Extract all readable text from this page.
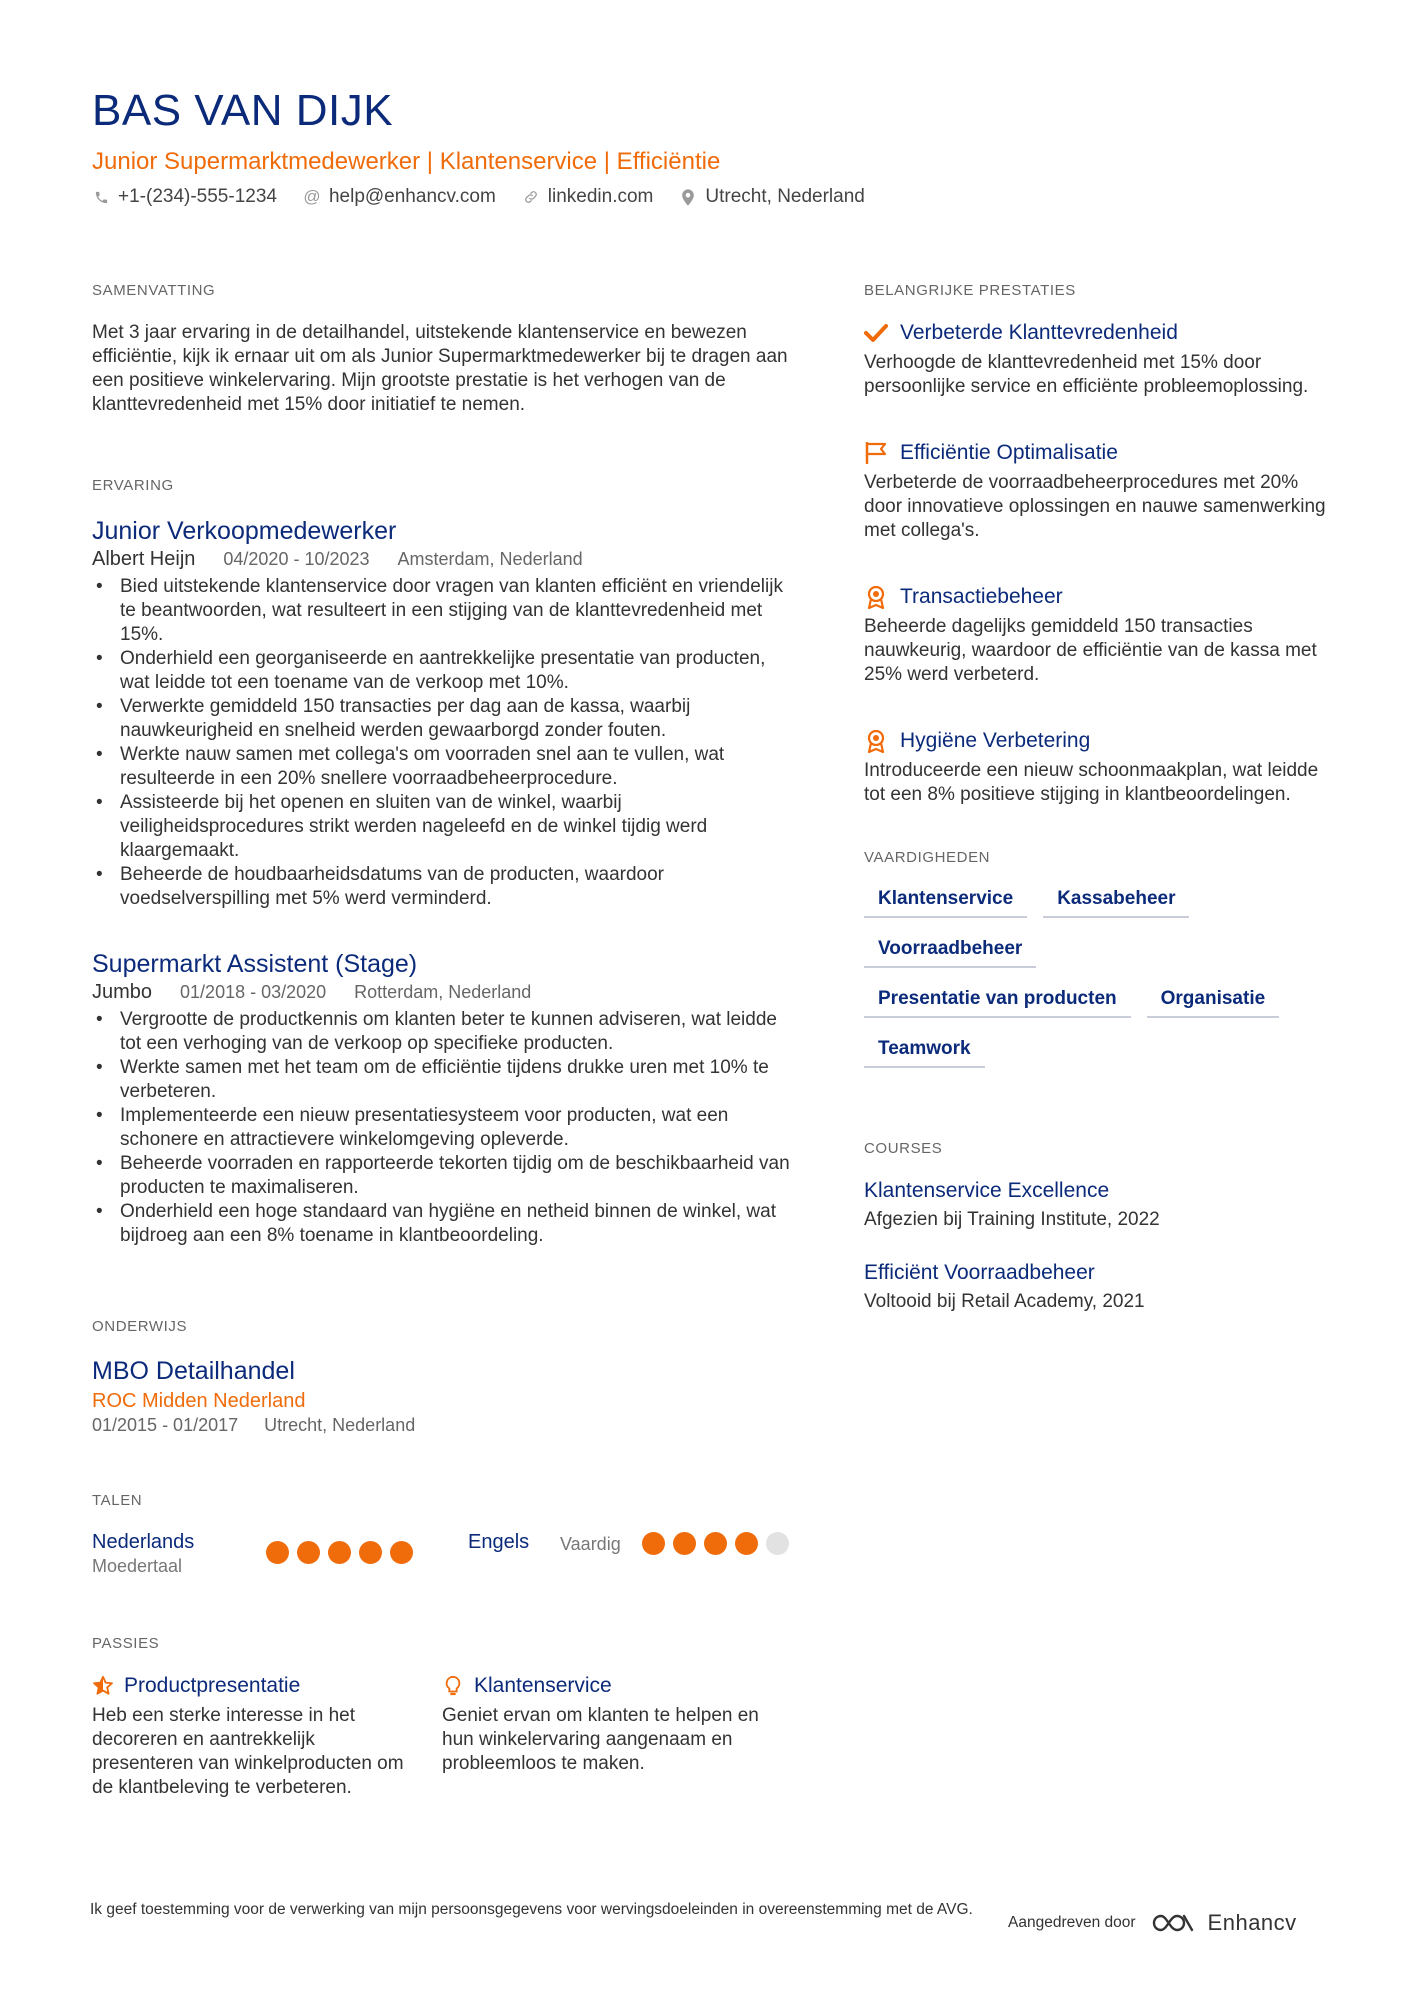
BAS VAN DIJK
Junior Supermarktmedewerker | Klantenservice | Efficiëntie
+1-(234)-555-1234 @ help@enhancv.com	linkedin.com	Utrecht, Nederland
SAMENVATTING

Met 3 jaar ervaring in de detailhandel, uitstekende klantenservice en bewezen efficiëntie, kijk ik ernaar uit om als Junior Supermarktmedewerker bij te dragen aan een positieve winkelervaring. Mijn grootste prestatie is het verhogen van de klanttevredenheid met 15% door initiatief te nemen.

ERVARING
Junior Verkoopmedewerker
Albert Heijn 04/2020 - 10/2023 Amsterdam, Nederland
• Bied uitstekende klantenservice door vragen van klanten efficiënt en vriendelijk te beantwoorden, wat resulteert in een stijging van de klanttevredenheid met 15%.
• Onderhield een georganiseerde en aantrekkelijke presentatie van producten, wat leidde tot een toename van de verkoop met 10%.
• Verwerkte gemiddeld 150 transacties per dag aan de kassa, waarbij nauwkeurigheid en snelheid werden gewaarborgd zonder fouten.
• Werkte nauw samen met collega's om voorraden snel aan te vullen, wat resulteerde in een 20% snellere voorraadbeheerprocedure.
• Assisteerde bij het openen en sluiten van de winkel, waarbij veiligheidsprocedures strikt werden nageleefd en de winkel tijdig werd klaargemaakt.
• Beheerde de houdbaarheidsdatums van de producten, waardoor voedselverspilling met 5% werd verminderd.
Supermarkt Assistent (Stage)
Jumbo 01/2018 - 03/2020 Rotterdam, Nederland
• Vergrootte de productkennis om klanten beter te kunnen adviseren, wat leidde tot een verhoging van de verkoop op specifieke producten.
• Werkte samen met het team om de efficiëntie tijdens drukke uren met 10% te verbeteren.
• Implementeerde een nieuw presentatiesysteem voor producten, wat een schonere en attractievere winkelomgeving opleverde.
• Beheerde voorraden en rapporteerde tekorten tijdig om de beschikbaarheid van producten te maximaliseren.
• Onderhield een hoge standaard van hygiëne en netheid binnen de winkel, wat bijdroeg aan een 8% toename in klantbeoordeling.
ONDERWIJS
MBO Detailhandel
ROC Midden Nederland
01/2015 - 01/2017 Utrecht, Nederland
TALEN
Nederlands
Moedertaal
Engels	Vaardig
PASSIES
Productpresentatie

Heb een sterke interesse in het decoreren en aantrekkelijk presenteren van winkelproducten om de klantbeleving te verbeteren.

Klantenservice

Geniet ervan om klanten te helpen en hun winkelervaring aangenaam en probleemloos te maken.

BELANGRIJKE PRESTATIES
Verbeterde Klanttevredenheid

Verhoogde de klanttevredenheid met 15% door persoonlijke service en efficiënte probleemoplossing.

Efficiëntie Optimalisatie

Verbeterde de voorraadbeheerprocedures met 20% door innovatieve oplossingen en nauwe samenwerking met collega's.

Transactiebeheer

Beheerde dagelijks gemiddeld 150 transacties nauwkeurig, waardoor de efficiëntie van de kassa met 25% werd verbeterd.

Hygiëne Verbetering

Introduceerde een nieuw schoonmaakplan, wat leidde tot een 8% positieve stijging in klantbeoordelingen.

VAARDIGHEDEN
Klantenservice	Kassabeheer
Voorraadbeheer
Presentatie van producten	Organisatie
Teamwork
COURSES
Klantenservice Excellence
Afgezien bij Training Institute, 2022
Efficiënt Voorraadbeheer
Voltooid bij Retail Academy, 2021

Ik geef toestemming voor de verwerking van mijn persoonsgegevens voor wervingsdoeleinden in overeenstemming met de AVG.

Aangedreven door	Enhancv
